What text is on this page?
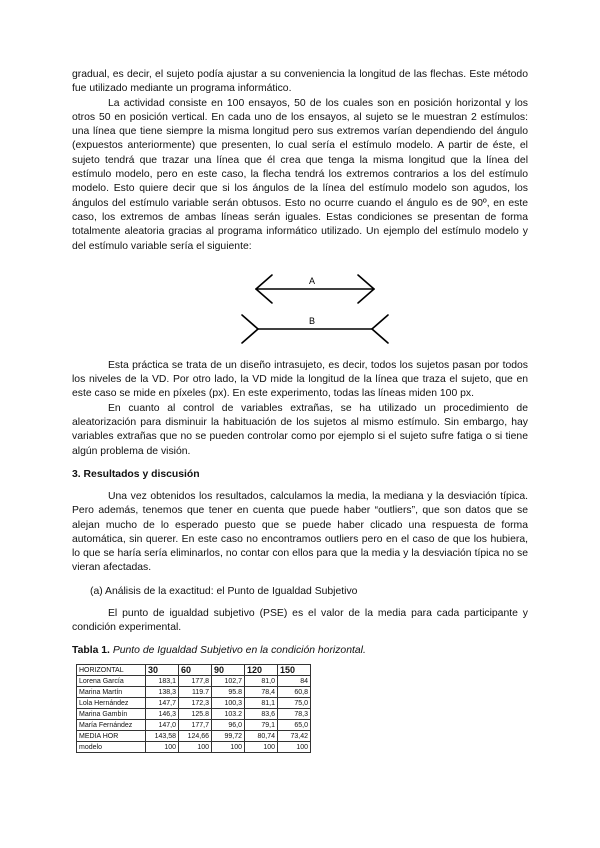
gradual, es decir, el sujeto podía ajustar a su conveniencia la longitud de las flechas. Este método fue utilizado mediante un programa informático.

La actividad consiste en 100 ensayos, 50 de los cuales son en posición horizontal y los otros 50 en posición vertical. En cada uno de los ensayos, al sujeto se le muestran 2 estímulos: una línea que tiene siempre la misma longitud pero sus extremos varían dependiendo del ángulo (expuestos anteriormente) que presenten, lo cual sería el estímulo modelo. A partir de éste, el sujeto tendrá que trazar una línea que él crea que tenga la misma longitud que la línea del estímulo modelo, pero en este caso, la flecha tendrá los extremos contrarios a los del estímulo modelo. Esto quiere decir que si los ángulos de la línea del estímulo modelo son agudos, los ángulos del estímulo variable serán obtusos. Esto no ocurre cuando el ángulo es de 90º, en este caso, los extremos de ambas líneas serán iguales. Estas condiciones se presentan de forma totalmente aleatoria gracias al programa informático utilizado. Un ejemplo del estímulo modelo y del estímulo variable sería el siguiente:

A
B

Esta práctica se trata de un diseño intrasujeto, es decir, todos los sujetos pasan por todos los niveles de la VD. Por otro lado, la VD mide la longitud de la línea que traza el sujeto, que en este caso se mide en píxeles (px). En este experimento, todas las líneas miden 100 px.

En cuanto al control de variables extrañas, se ha utilizado un procedimiento de aleatorización para disminuir la habituación de los sujetos al mismo estímulo. Sin embargo, hay variables extrañas que no se pueden controlar como por ejemplo si el sujeto sufre fatiga o si tiene algún problema de visión.

3. Resultados y discusión

Una vez obtenidos los resultados, calculamos la media, la mediana y la desviación típica. Pero además, tenemos que tener en cuenta que puede haber “outliers”, que son datos que se alejan mucho de lo esperado puesto que se puede haber clicado una respuesta de forma automática, sin querer. En este caso no encontramos outliers pero en el caso de que los hubiera, lo que se haría sería eliminarlos, no contar con ellos para que la media y la desviación típica no se vieran afectadas.

(a) Análisis de la exactitud: el Punto de Igualdad Subjetivo

El punto de igualdad subjetivo (PSE) es el valor de la media para cada participante y condición experimental.

Tabla 1. Punto de Igualdad Subjetivo en la condición horizontal.
HORIZONTAL	30	60	90	120	150
Lorena García	183,1	177,8	102,7	81,0	84
Marina Martín	138,3	119.7	95.8	78,4	60,8
Lola Hernández	147,7	172,3	100,3	81,1	75,0
Marina Gambín	146,3	125.8	103.2	83,6	78,3
María Fernández	147,0	177,7	96,0	79,1	65,0
MEDIA HOR	143,58	124,66	99,72	80,74	73,42
modelo	100	100	100	100	100
